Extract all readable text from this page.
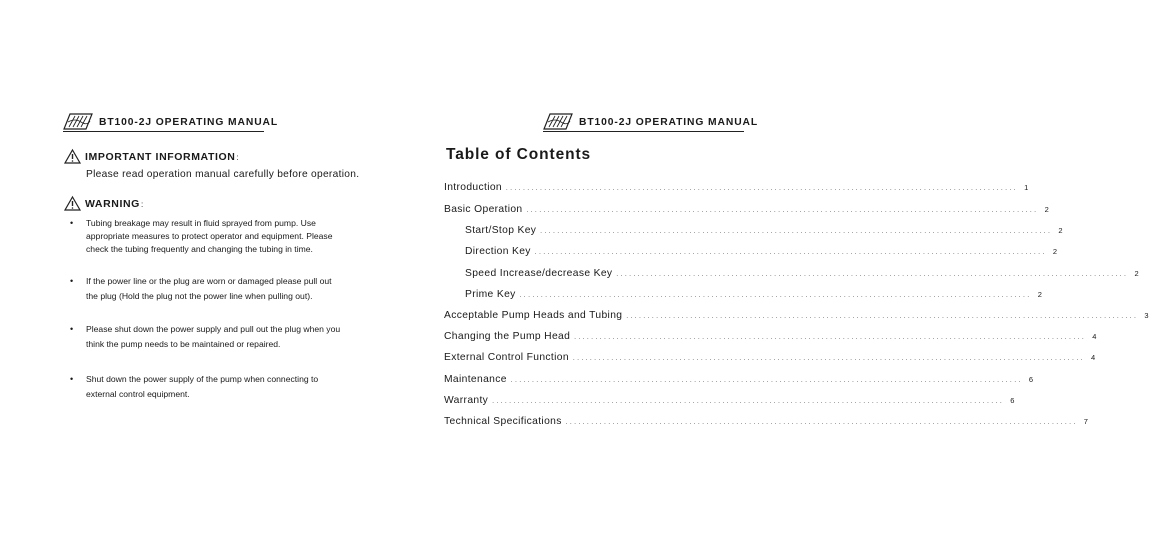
BT100-2J OPERATING MANUAL
IMPORTANT INFORMATION :
Please read operation manual carefully before operation.
WARNING :
• Tubing breakage may result in fluid sprayed from pump. Use
appropriate measures to protect operator and equipment. Please
check the tubing frequently and changing the tubing in time.
• If the power line or the plug are worn or damaged please pull out
the plug (Hold the plug not the power line when pulling out).
• Please shut down the power supply and pull out the plug when you
think the pump needs to be maintained or repaired.
• Shut down the power supply of the pump when connecting to
external control equipment.
BT100-2J OPERATING MANUAL
Table of Contents
Introduction ........................................................................................................................ 1
Basic Operation ........................................................................................................................ 2
Start/Stop Key ........................................................................................................................ 2
Direction Key ........................................................................................................................ 2
Speed Increase/decrease Key ........................................................................................................................ 2
Prime Key ........................................................................................................................ 2
Acceptable Pump Heads and Tubing ........................................................................................................................ 3
Changing the Pump Head ........................................................................................................................ 4
External Control Function ........................................................................................................................ 4
Maintenance ........................................................................................................................ 6
Warranty ........................................................................................................................ 6
Technical Specifications ........................................................................................................................ 7
